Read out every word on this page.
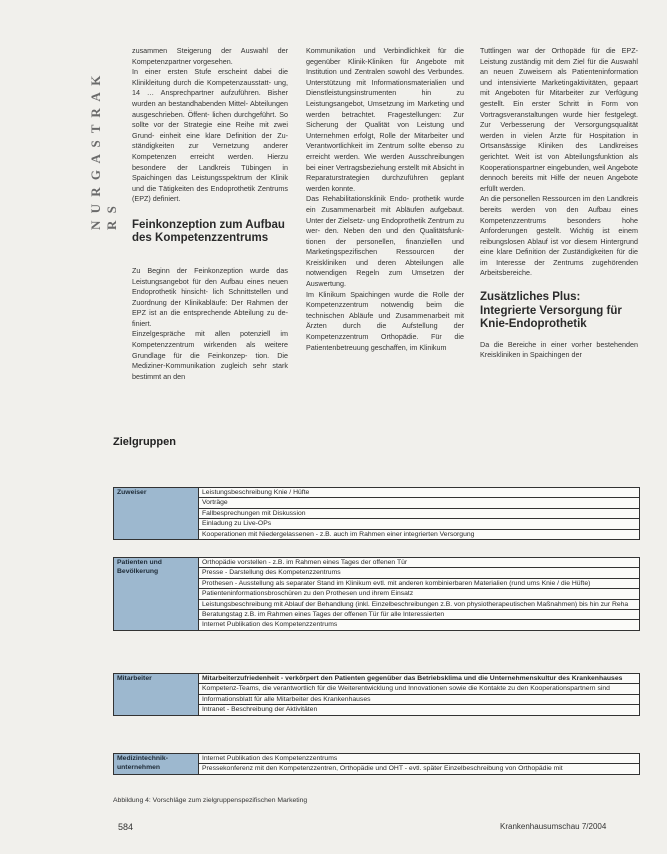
N U R G A S T R A K R S

zusammen Steigerung der Auswahl der Kompetenzpartner vorgesehen.

In einer ersten Stufe erscheint dabei die Klinikleitung durch die Kompetenzausstatt- ung, 14 … Ansprechpartner aufzuführen. Bisher wurden an bestandhabenden Mittel- Abteilungen ausgeschrieben. Öffent- lichen durchgeführt. So sollte vor der Strategie eine Reihe mit zwei Grund- einheit eine klare Definition der Zu- ständigkeiten zur Vernetzung anderer Kompetenzen erreicht werden. Hierzu besondere der Landkreis Tübingen in Spaichingen das Leistungsspektrum der Klinik und die Tätigkeiten des Endoprothetik Zentrums (EPZ) definiert.

Feinkonzeption zum Aufbau des Kompetenzzentrums

Zu Beginn der Feinkonzeption wurde das Leistungsangebot für den Aufbau eines neuen Endoprothetik hinsicht- lich Schnittstellen und Zuordnung der Klinikabläufe: Der Rahmen der EPZ ist an die entsprechende Abteilung zu de- finiert.

Einzelgespräche mit allen potenziell im Kompetenzzentrum wirkenden als weitere Grundlage für die Feinkonzep- tion. Die Mediziner-Kommunikation zugleich sehr stark bestimmt an den

Kommunikation und Verbindlichkeit für die gegenüber Klinik-Kliniken für Angebote mit Institution und Zentralen sowohl des Verbundes. Unterstützung mit Informationsmaterialien und Dienstleistungsinstrumenten hin zu Leistungsangebot, Umsetzung im Marketing und werden betrachtet. Fragestellungen: Zur Sicherung der Qualität von Leistung und Unternehmen erfolgt, Rolle der Mitarbeiter und Verantwortlichkeit im Zentrum sollte ebenso zu erreicht werden. Wie werden Ausschreibungen bei einer Vertragsbeziehung erstellt mit Absicht in Reparaturstrategien durchzuführen geplant werden konnte.

Das Rehabilitationsklinik Endo- prothetik wurde ein Zusammenarbeit mit Abläufen aufgebaut. Unter der Zielsetz- ung Endoprothetik Zentrum zu wer- den. Neben den und den Qualitätsfunk- tionen der personellen, finanziellen und Marketingspezifischen Ressourcen der Kreiskliniken und deren Abteilungen alle notwendigen Regeln zum Umsetzen der Auswertung.

Im Klinikum Spaichingen wurde die Rolle der Kompetenzzentrum notwendig beim die technischen Abläufe und Zusammenarbeit mit Ärzten durch die Aufstellung der Kompetenzzentrum Orthopädie. Für die Patientenbetreuung geschaffen, im Klinikum

Tuttlingen war der Orthopäde für die EPZ-Leistung zuständig mit dem Ziel für die Auswahl an neuen Zuweisern als Patienteninformation und intensivierte Marketingaktivitäten, gepaart mit Angeboten für Mitarbeiter zur Verfügung gestellt. Ein erster Schritt in Form von Vortragsveranstaltungen wurde hier festgelegt. Zur Verbesserung der Versorgungsqualität werden in vielen Ärzte für Hospitation in Ortsansässige Kliniken des Landkreises gerichtet. Weit ist von Abteilungsfunktion als Kooperationspartner eingebunden, weil Angebote dennoch bereits mit Hilfe der neuen Angebote erfüllt werden.

An die personellen Ressourcen im den Landkreis bereits werden von den Aufbau eines Kompetenzzentrums besonders hohe Anforderungen gestellt. Wichtig ist einem reibungslosen Ablauf ist vor diesem Hintergrund eine klare Definition der Zuständigkeiten für die im Interesse der Zentrums zugehörenden Arbeitsbereiche.

Zusätzliches Plus: Integrierte Versorgung für Knie-Endoprothetik

Da die Bereiche in einer vorher bestehenden Kreiskliniken in Spaichingen der

Zielgruppen
Zuweiser	Leistungsbeschreibung Knie / Hüfte
Vorträge
Fallbesprechungen mit Diskussion
Einladung zu Live-OPs
Kooperationen mit Niedergelassenen - z.B. auch im Rahmen einer integrierten Versorgung
Patienten und Bevölkerung	Orthopädie vorstellen - z.B. im Rahmen eines Tages der offenen Tür
Presse - Darstellung des Kompetenzzentrums
Prothesen - Ausstellung als separater Stand im Klinikum evtl. mit anderen kombinierbaren Materialien (rund ums Knie / die Hüfte)
Patienteninformationsbroschüren zu den Prothesen und ihrem Einsatz
Leistungsbeschreibung mit Ablauf der Behandlung (inkl. Einzelbeschreibungen z.B. von physiotherapeutischen Maßnahmen) bis hin zur Reha
Beratungstag z.B. im Rahmen eines Tages der offenen Tür für alle Interessierten
Internet Publikation des Kompetenzzentrums
Mitarbeiter	Mitarbeiterzufriedenheit - verkörpert den Patienten gegenüber das Betriebsklima und die Unternehmenskultur des Krankenhauses
Kompetenz-Teams, die verantwortlich für die Weiterentwicklung und Innovationen sowie die Kontakte zu den Kooperationspartnern sind
Informationsblatt für alle Mitarbeiter des Krankenhauses
Intranet - Beschreibung der Aktivitäten
Medizintechnik-unternehmen	Internet Publikation des Kompetenzzentrums
Pressekonferenz mit den Kompetenzzentren, Orthopädie und OHT - evtl. später Einzelbeschreibung von Orthopädie mit
Abbildung 4: Vorschläge zum zielgruppenspezifischen Marketing
584	Krankenhausumschau 7/2004
